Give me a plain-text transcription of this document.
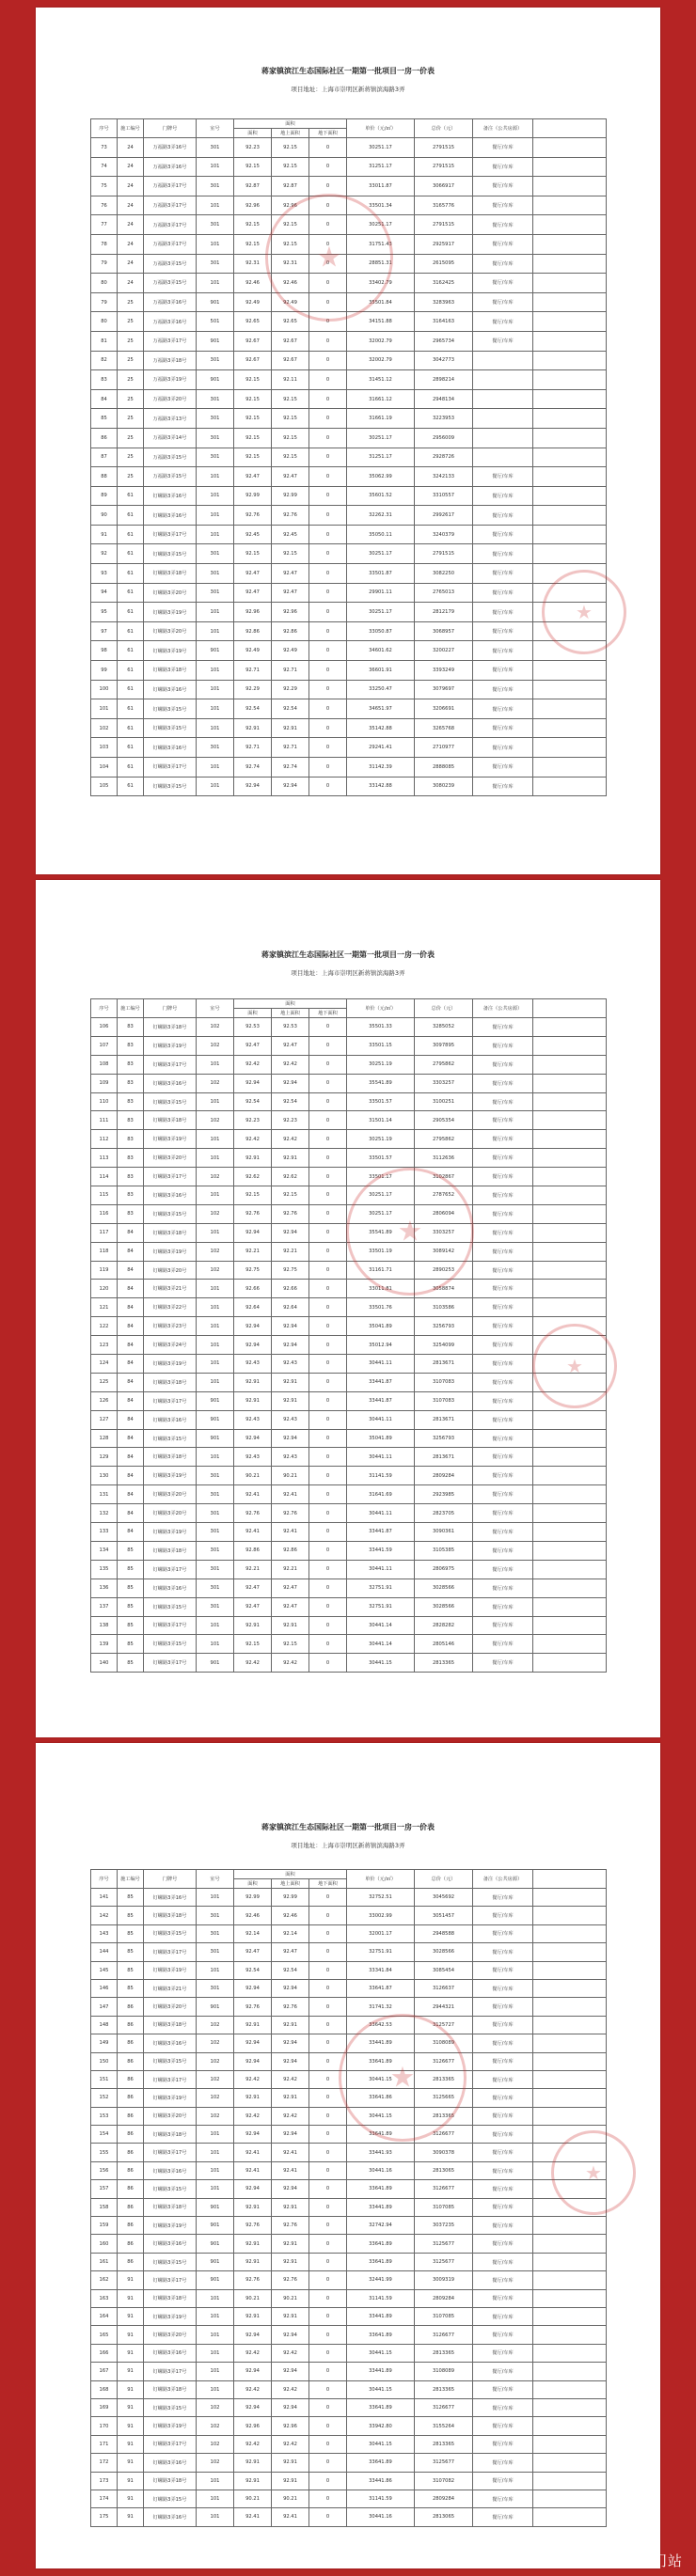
蒋家镇滨江生态国际社区一期第一批项目一房一价表
项目地址：上海市崇明区新蒋镇滨海路3弄
序号	施工编号	门牌号	室号	面积			单价（元/㎡）	总价（元）	备注（公共房源）	
				面积	地上面积	地下面积				
73	24	万福路3弄16号	301	92.23	92.15	0	30251.17	2791515	餐厅/车库	
74	24	万福路3弄16号	101	92.15	92.15	0	31251.17	2791515	餐厅/车库	
75	24	万福路3弄17号	301	92.87	92.87	0	33011.87	3066917	餐厅/车库	
76	24	万福路3弄17号	101	92.96	92.96	0	33501.34	3165776	餐厅/车库	
77	24	万福路3弄17号	301	92.15	92.15	0	30251.17	2791515	餐厅/车库	
78	24	万福路3弄17号	101	92.15	92.15	0	31751.43	2925917	餐厅/车库	
79	24	万福路3弄15号	301	92.31	92.31	0	28851.31	2615095	餐厅/车库	
80	24	万福路3弄15号	101	92.46	92.46	0	33402.79	3162425	餐厅/车库	
79	25	万福路3弄16号	901	92.49	92.49	0	35501.84	3283963	餐厅/车库	
80	25	万福路3弄16号	501	92.65	92.65	0	34151.88	3164163	餐厅/车库	
81	25	万福路3弄17号	901	92.67	92.67	0	32002.79	2965734	餐厅/车库	
82	25	万福路3弄18号	301	92.67	92.67	0	32002.79	3042773		
83	25	万福路3弄19号	901	92.15	92.11	0	31451.12	2898214		
84	25	万福路3弄20号	301	92.15	92.15	0	31661.12	2948134		
85	25	万福路3弄13号	301	92.15	92.15	0	31661.19	3223953		
86	25	万福路3弄14号	301	92.15	92.15	0	30251.17	2956009		
87	25	万福路3弄15号	301	92.15	92.15	0	31251.17	2928726		
88	25	万福路3弄15号	101	92.47	92.47	0	35062.99	3242133	餐厅/车库	
89	61	钉螺路3弄16号	101	92.99	92.99	0	35601.52	3310557	餐厅/车库	
90	61	钉螺路3弄16号	101	92.76	92.76	0	32262.31	2992617	餐厅/车库	
91	61	钉螺路3弄17号	101	92.45	92.45	0	35050.11	3240379	餐厅/车库	
92	61	钉螺路3弄15号	301	92.15	92.15	0	30251.17	2791515	餐厅/车库	
93	61	钉螺路3弄18号	301	92.47	92.47	0	33501.87	3082250	餐厅/车库	
94	61	钉螺路3弄20号	301	92.47	92.47	0	29901.11	2765013	餐厅/车库	
95	61	钉螺路3弄19号	101	92.96	92.96	0	30251.17	2812179	餐厅/车库	
97	61	钉螺路3弄20号	101	92.86	92.86	0	33050.87	3068957	餐厅/车库	
98	61	钉螺路3弄19号	901	92.49	92.49	0	34601.62	3200227	餐厅/车库	
99	61	钉螺路3弄18号	101	92.71	92.71	0	36601.91	3393249	餐厅/车库	
100	61	钉螺路3弄16号	101	92.29	92.29	0	33250.47	3079697	餐厅/车库	
101	61	钉螺路3弄15号	101	92.54	92.54	0	34651.97	3206691	餐厅/车库	
102	61	钉螺路3弄15号	101	92.91	92.91	0	35142.88	3265768	餐厅/车库	
103	61	钉螺路3弄16号	301	92.71	92.71	0	29241.41	2710977	餐厅/车库	
104	61	钉螺路3弄17号	101	92.74	92.74	0	31142.39	2888085	餐厅/车库	
105	61	钉螺路3弄15号	101	92.94	92.94	0	33142.88	3080239	餐厅/车库	
★
★
蒋家镇滨江生态国际社区一期第一批项目一房一价表
项目地址：上海市崇明区新蒋镇滨海路3弄
序号	施工编号	门牌号	室号	面积			单价（元/㎡）	总价（元）	备注（公共房源）	
				面积	地上面积	地下面积				
106	83	钉螺路3弄18号	102	92.53	92.53	0	35501.33	3285052	餐厅/车库	
107	83	钉螺路3弄19号	102	92.47	92.47	0	33501.15	3097895	餐厅/车库	
108	83	钉螺路3弄17号	101	92.42	92.42	0	30251.19	2795862	餐厅/车库	
109	83	钉螺路3弄16号	102	92.94	92.94	0	35541.89	3303257	餐厅/车库	
110	83	钉螺路3弄15号	101	92.54	92.54	0	33501.57	3100251	餐厅/车库	
111	83	钉螺路3弄18号	102	92.23	92.23	0	31501.14	2905354	餐厅/车库	
112	83	钉螺路3弄19号	101	92.42	92.42	0	30251.19	2795862	餐厅/车库	
113	83	钉螺路3弄20号	101	92.91	92.91	0	33501.57	3112636	餐厅/车库	
114	83	钉螺路3弄17号	102	92.62	92.62	0	33501.17	3102867	餐厅/车库	
115	83	钉螺路3弄16号	101	92.15	92.15	0	30251.17	2787652	餐厅/车库	
116	83	钉螺路3弄15号	102	92.76	92.76	0	30251.17	2806094	餐厅/车库	
117	84	钉螺路3弄18号	101	92.94	92.94	0	35541.89	3303257	餐厅/车库	
118	84	钉螺路3弄19号	102	92.21	92.21	0	33501.19	3089142	餐厅/车库	
119	84	钉螺路3弄20号	102	92.75	92.75	0	31161.71	2890253	餐厅/车库	
120	84	钉螺路3弄21号	101	92.66	92.66	0	33011.81	3058874	餐厅/车库	
121	84	钉螺路3弄22号	101	92.64	92.64	0	33501.76	3103586	餐厅/车库	
122	84	钉螺路3弄23号	101	92.94	92.94	0	35041.89	3256793	餐厅/车库	
123	84	钉螺路3弄24号	101	92.94	92.94	0	35012.94	3254099	餐厅/车库	
124	84	钉螺路3弄19号	101	92.43	92.43	0	30441.11	2813671	餐厅/车库	
125	84	钉螺路3弄18号	101	92.91	92.91	0	33441.87	3107083	餐厅/车库	
126	84	钉螺路3弄17号	901	92.91	92.91	0	33441.87	3107083	餐厅/车库	
127	84	钉螺路3弄16号	901	92.43	92.43	0	30441.11	2813671	餐厅/车库	
128	84	钉螺路3弄15号	901	92.94	92.94	0	35041.89	3256793	餐厅/车库	
129	84	钉螺路3弄18号	101	92.43	92.43	0	30441.11	2813671	餐厅/车库	
130	84	钉螺路3弄19号	301	90.21	90.21	0	31141.59	2809284	餐厅/车库	
131	84	钉螺路3弄20号	301	92.41	92.41	0	31641.69	2923985	餐厅/车库	
132	84	钉螺路3弄20号	301	92.76	92.76	0	30441.11	2823705	餐厅/车库	
133	84	钉螺路3弄19号	301	92.41	92.41	0	33441.87	3090361	餐厅/车库	
134	85	钉螺路3弄18号	301	92.86	92.86	0	33441.59	3105385	餐厅/车库	
135	85	钉螺路3弄17号	301	92.21	92.21	0	30441.11	2806975	餐厅/车库	
136	85	钉螺路3弄16号	301	92.47	92.47	0	32751.91	3028566	餐厅/车库	
137	85	钉螺路3弄15号	301	92.47	92.47	0	32751.91	3028566	餐厅/车库	
138	85	钉螺路3弄17号	101	92.91	92.91	0	30441.14	2828282	餐厅/车库	
139	85	钉螺路3弄15号	101	92.15	92.15	0	30441.14	2805146	餐厅/车库	
140	85	钉螺路3弄17号	901	92.42	92.42	0	30441.15	2813365	餐厅/车库	
★
★
蒋家镇滨江生态国际社区一期第一批项目一房一价表
项目地址：上海市崇明区新蒋镇滨海路3弄
序号	施工编号	门牌号	室号	面积			单价（元/㎡）	总价（元）	备注（公共房源）	
				面积	地上面积	地下面积				
141	85	钉螺路3弄16号	101	92.99	92.99	0	32752.51	3045692	餐厅/车库	
142	85	钉螺路3弄18号	301	92.46	92.46	0	33002.99	3051457	餐厅/车库	
143	85	钉螺路3弄15号	301	92.14	92.14	0	32001.17	2948588	餐厅/车库	
144	85	钉螺路3弄17号	301	92.47	92.47	0	32751.91	3028566	餐厅/车库	
145	85	钉螺路3弄19号	101	92.54	92.54	0	33341.84	3085454	餐厅/车库	
146	85	钉螺路3弄21号	301	92.94	92.94	0	33641.87	3126637	餐厅/车库	
147	86	钉螺路3弄20号	901	92.76	92.76	0	31741.32	2944321	餐厅/车库	
148	86	钉螺路3弄18号	102	92.91	92.91	0	33642.53	3125727	餐厅/车库	
149	86	钉螺路3弄16号	102	92.94	92.94	0	33441.89	3108089	餐厅/车库	
150	86	钉螺路3弄15号	102	92.94	92.94	0	33641.89	3126677	餐厅/车库	
151	86	钉螺路3弄17号	102	92.42	92.42	0	30441.15	2813365	餐厅/车库	
152	86	钉螺路3弄19号	102	92.91	92.91	0	33641.86	3125665	餐厅/车库	
153	86	钉螺路3弄20号	102	92.42	92.42	0	30441.15	2813365	餐厅/车库	
154	86	钉螺路3弄18号	101	92.94	92.94	0	33641.89	3126677	餐厅/车库	
155	86	钉螺路3弄17号	101	92.41	92.41	0	33441.93	3090378	餐厅/车库	
156	86	钉螺路3弄16号	101	92.41	92.41	0	30441.16	2813065	餐厅/车库	
157	86	钉螺路3弄15号	101	92.94	92.94	0	33641.89	3126677	餐厅/车库	
158	86	钉螺路3弄18号	901	92.91	92.91	0	33441.89	3107085	餐厅/车库	
159	86	钉螺路3弄19号	901	92.76	92.76	0	32742.94	3037235	餐厅/车库	
160	86	钉螺路3弄16号	901	92.91	92.91	0	33641.89	3125677	餐厅/车库	
161	86	钉螺路3弄15号	901	92.91	92.91	0	33641.89	3125677	餐厅/车库	
162	91	钉螺路3弄17号	901	92.76	92.76	0	32441.99	3009319	餐厅/车库	
163	91	钉螺路3弄18号	101	90.21	90.21	0	31141.59	2809284	餐厅/车库	
164	91	钉螺路3弄19号	101	92.91	92.91	0	33441.89	3107085	餐厅/车库	
165	91	钉螺路3弄20号	101	92.94	92.94	0	33641.89	3126677	餐厅/车库	
166	91	钉螺路3弄16号	101	92.42	92.42	0	30441.15	2813365	餐厅/车库	
167	91	钉螺路3弄17号	101	92.94	92.94	0	33441.89	3108089	餐厅/车库	
168	91	钉螺路3弄18号	101	92.42	92.42	0	30441.15	2813365	餐厅/车库	
169	91	钉螺路3弄15号	102	92.94	92.94	0	33641.89	3126677	餐厅/车库	
170	91	钉螺路3弄19号	102	92.96	92.96	0	33942.80	3155264	餐厅/车库	
171	91	钉螺路3弄17号	102	92.42	92.42	0	30441.15	2813365	餐厅/车库	
172	91	钉螺路3弄16号	102	92.91	92.91	0	33641.89	3125677	餐厅/车库	
173	91	钉螺路3弄18号	101	92.91	92.91	0	33441.86	3107082	餐厅/车库	
174	91	钉螺路3弄15号	101	90.21	90.21	0	31141.59	2809284	餐厅/车库	
175	91	钉螺路3弄16号	101	92.41	92.41	0	30441.16	2813065	餐厅/车库	
★
★
搜狐号@搜狐焦点天门站
